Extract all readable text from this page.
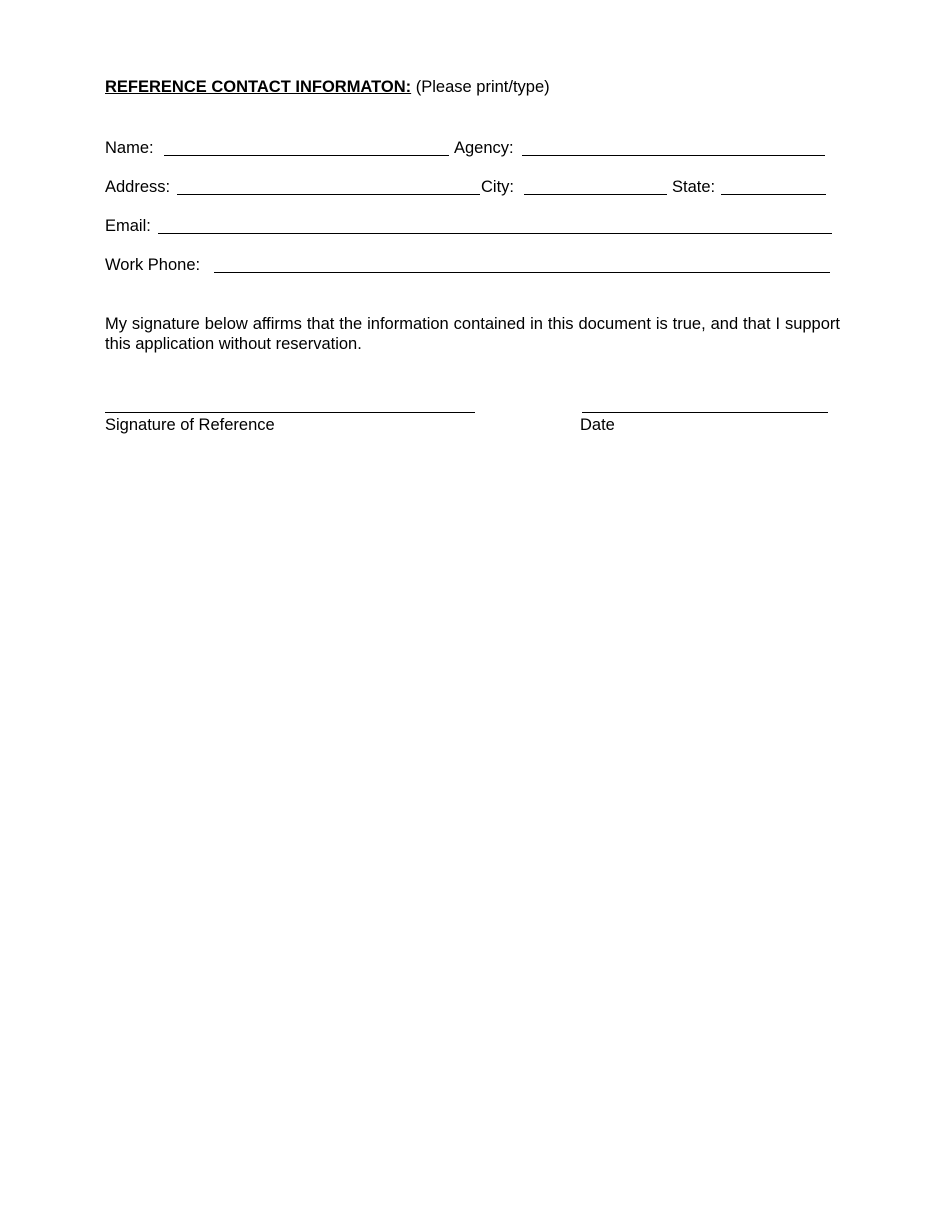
REFERENCE CONTACT INFORMATON: (Please print/type)
Name:	Agency:
Address:	City:	State:
Email:
Work Phone:
My signature below affirms that the information contained in this document is true, and that I support this application without reservation.
Signature of Reference	Date
